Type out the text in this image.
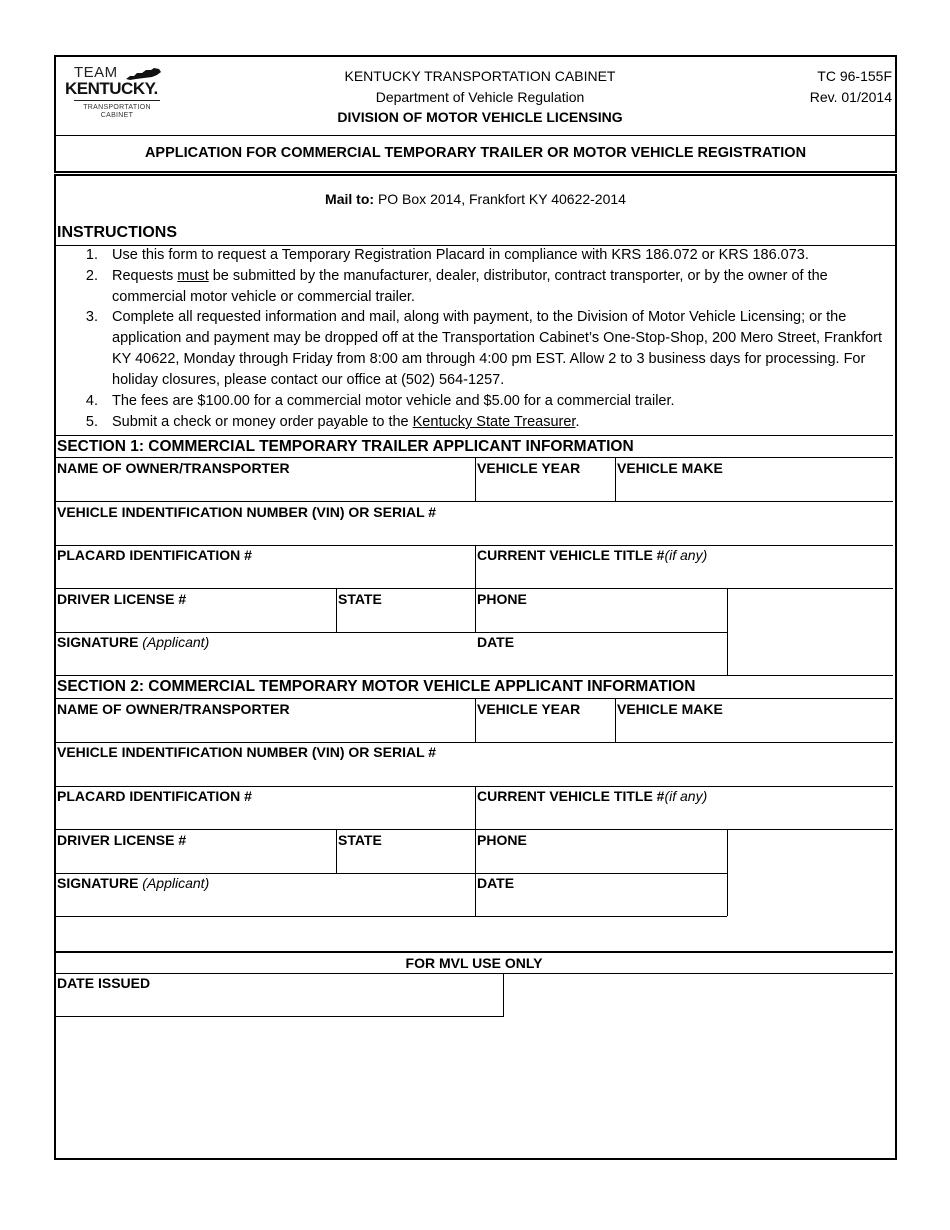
TEAM
KENTUCKY.
TRANSPORTATION
CABINET
KENTUCKY TRANSPORTATION CABINET
Department of Vehicle Regulation
DIVISION OF MOTOR VEHICLE LICENSING
TC 96-155F
Rev. 01/2014
APPLICATION FOR COMMERCIAL TEMPORARY TRAILER OR MOTOR VEHICLE REGISTRATION
Mail to: PO Box 2014, Frankfort KY 40622-2014
INSTRUCTIONS
1. Use this form to request a Temporary Registration Placard in compliance with KRS 186.072 or KRS 186.073.
2. Requests must be submitted by the manufacturer, dealer, distributor, contract transporter, or by the owner of the commercial motor vehicle or commercial trailer.
3. Complete all requested information and mail, along with payment, to the Division of Motor Vehicle Licensing; or the application and payment may be dropped off at the Transportation Cabinet’s One-Stop-Shop, 200 Mero Street, Frankfort KY 40622, Monday through Friday from 8:00 am through 4:00 pm EST. Allow 2 to 3 business days for processing. For holiday closures, please contact our office at (502) 564-1257.
4. The fees are $100.00 for a commercial motor vehicle and $5.00 for a commercial trailer.
5. Submit a check or money order payable to the Kentucky State Treasurer.
SECTION 1: COMMERCIAL TEMPORARY TRAILER APPLICANT INFORMATION
NAME OF OWNER/TRANSPORTER	VEHICLE YEAR	VEHICLE MAKE
VEHICLE INDENTIFICATION NUMBER (VIN) OR SERIAL #
PLACARD IDENTIFICATION #	CURRENT VEHICLE TITLE #(if any)
DRIVER LICENSE #	STATE	PHONE
SIGNATURE (Applicant)	DATE
SECTION 2: COMMERCIAL TEMPORARY MOTOR VEHICLE APPLICANT INFORMATION
NAME OF OWNER/TRANSPORTER	VEHICLE YEAR	VEHICLE MAKE
VEHICLE INDENTIFICATION NUMBER (VIN) OR SERIAL #
PLACARD IDENTIFICATION #	CURRENT VEHICLE TITLE #(if any)
DRIVER LICENSE #	STATE	PHONE
SIGNATURE (Applicant)	DATE
FOR MVL USE ONLY
DATE ISSUED
